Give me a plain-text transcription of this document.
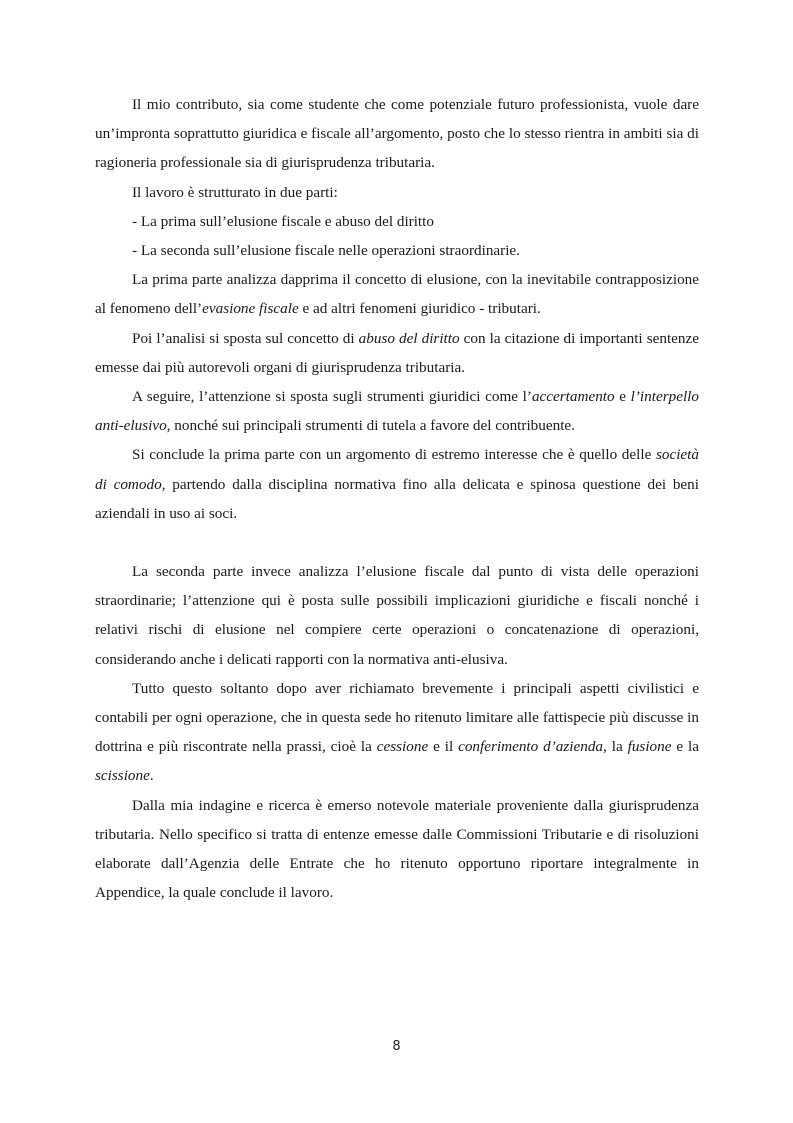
Il mio contributo, sia come studente che come potenziale futuro professionista, vuole dare un’impronta soprattutto giuridica e fiscale all’argomento, posto che lo stesso rientra in ambiti sia di ragioneria professionale sia di giurisprudenza tributaria.

Il lavoro è strutturato in due parti:

- La prima sull’elusione fiscale e abuso del diritto

- La seconda sull’elusione fiscale nelle operazioni straordinarie.

La prima parte analizza dapprima il concetto di elusione, con la inevitabile contrapposizione al fenomeno dell’evasione fiscale e ad altri fenomeni giuridico - tributari.

Poi l’analisi si sposta sul concetto di abuso del diritto con la citazione di importanti sentenze emesse dai più autorevoli organi di giurisprudenza tributaria.

A seguire, l’attenzione si sposta sugli strumenti giuridici come l’accertamento e l’interpello anti-elusivo, nonché sui principali strumenti di tutela a favore del contribuente.

Si conclude la prima parte con un argomento di estremo interesse che è quello delle società di comodo, partendo dalla disciplina normativa fino alla delicata e spinosa questione dei beni aziendali in uso ai soci.

La seconda parte invece analizza l’elusione fiscale dal punto di vista delle operazioni straordinarie; l’attenzione qui è posta sulle possibili implicazioni giuridiche e fiscali nonché i relativi rischi di elusione nel compiere certe operazioni o concatenazione di operazioni, considerando anche i delicati rapporti con la normativa anti-elusiva.

Tutto questo soltanto dopo aver richiamato brevemente i principali aspetti civilistici e contabili per ogni operazione, che in questa sede ho ritenuto limitare alle fattispecie più discusse in dottrina e più riscontrate nella prassi, cioè la cessione e il conferimento d’azienda, la fusione e la scissione.

Dalla mia indagine e ricerca è emerso notevole materiale proveniente dalla giurisprudenza tributaria. Nello specifico si tratta di entenze emesse dalle Commissioni Tributarie e di risoluzioni elaborate dall’Agenzia delle Entrate che ho ritenuto opportuno riportare integralmente in Appendice, la quale conclude il lavoro.

8
